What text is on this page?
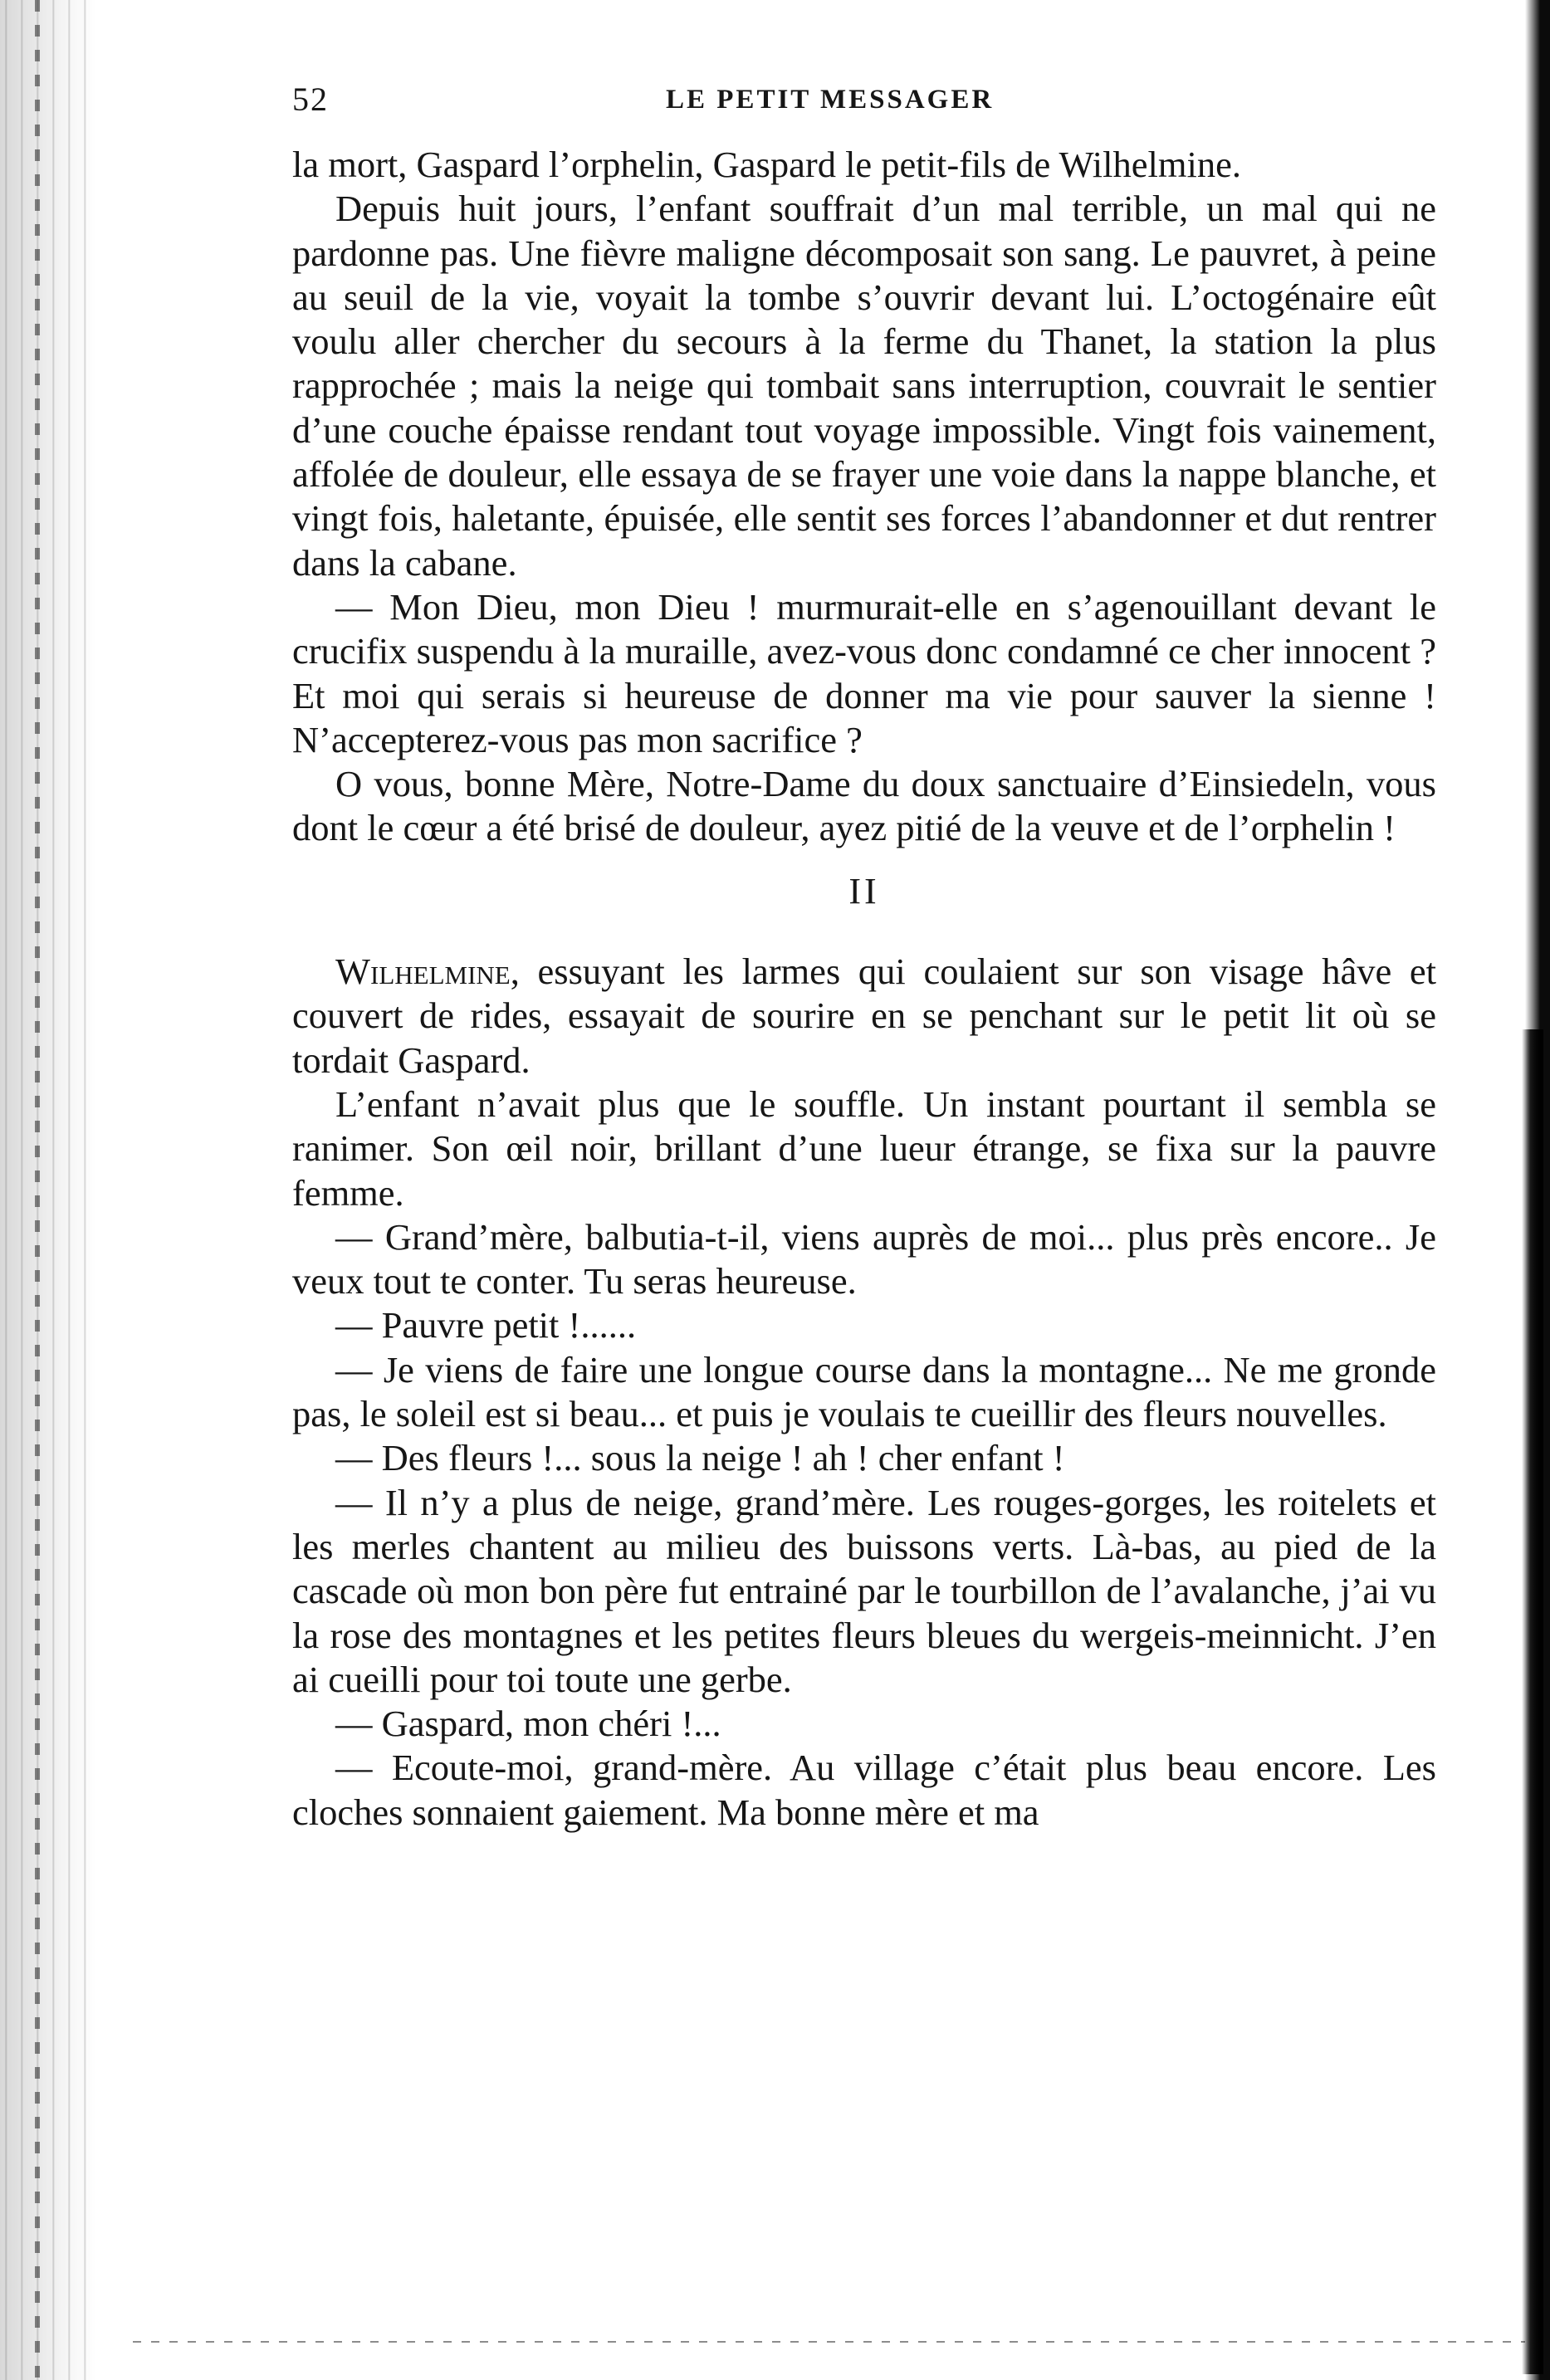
52	LE PETIT MESSAGER

la mort, Gaspard l’orphelin, Gaspard le petit-fils de Wilhelmine.

Depuis huit jours, l’enfant souffrait d’un mal terrible, un mal qui ne pardonne pas. Une fièvre maligne décomposait son sang. Le pauvret, à peine au seuil de la vie, voyait la tombe s’ouvrir devant lui. L’octogénaire eût voulu aller chercher du secours à la ferme du Thanet, la station la plus rapprochée ; mais la neige qui tombait sans interruption, couvrait le sentier d’une couche épaisse rendant tout voyage impossible. Vingt fois vainement, affolée de douleur, elle essaya de se frayer une voie dans la nappe blanche, et vingt fois, haletante, épuisée, elle sentit ses forces l’abandonner et dut rentrer dans la cabane.

— Mon Dieu, mon Dieu ! murmurait-elle en s’agenouillant devant le crucifix suspendu à la muraille, avez-vous donc condamné ce cher innocent ? Et moi qui serais si heureuse de donner ma vie pour sauver la sienne ! N’accepterez-vous pas mon sacrifice ?

O vous, bonne Mère, Notre-Dame du doux sanctuaire d’Einsiedeln, vous dont le cœur a été brisé de douleur, ayez pitié de la veuve et de l’orphelin !

II

Wilhelmine, essuyant les larmes qui coulaient sur son visage hâve et couvert de rides, essayait de sourire en se penchant sur le petit lit où se tordait Gaspard.

L’enfant n’avait plus que le souffle. Un instant pourtant il sembla se ranimer. Son œil noir, brillant d’une lueur étrange, se fixa sur la pauvre femme.

— Grand’mère, balbutia-t-il, viens auprès de moi... plus près encore.. Je veux tout te conter. Tu seras heureuse.

— Pauvre petit !......

— Je viens de faire une longue course dans la montagne... Ne me gronde pas, le soleil est si beau... et puis je voulais te cueillir des fleurs nouvelles.

— Des fleurs !... sous la neige ! ah ! cher enfant !

— Il n’y a plus de neige, grand’mère. Les rouges-gorges, les roitelets et les merles chantent au milieu des buissons verts. Là-bas, au pied de la cascade où mon bon père fut entrainé par le tourbillon de l’avalanche, j’ai vu la rose des montagnes et les petites fleurs bleues du wergeis-meinnicht. J’en ai cueilli pour toi toute une gerbe.

— Gaspard, mon chéri !...

— Ecoute-moi, grand-mère. Au village c’était plus beau encore. Les cloches sonnaient gaiement. Ma bonne mère et ma
